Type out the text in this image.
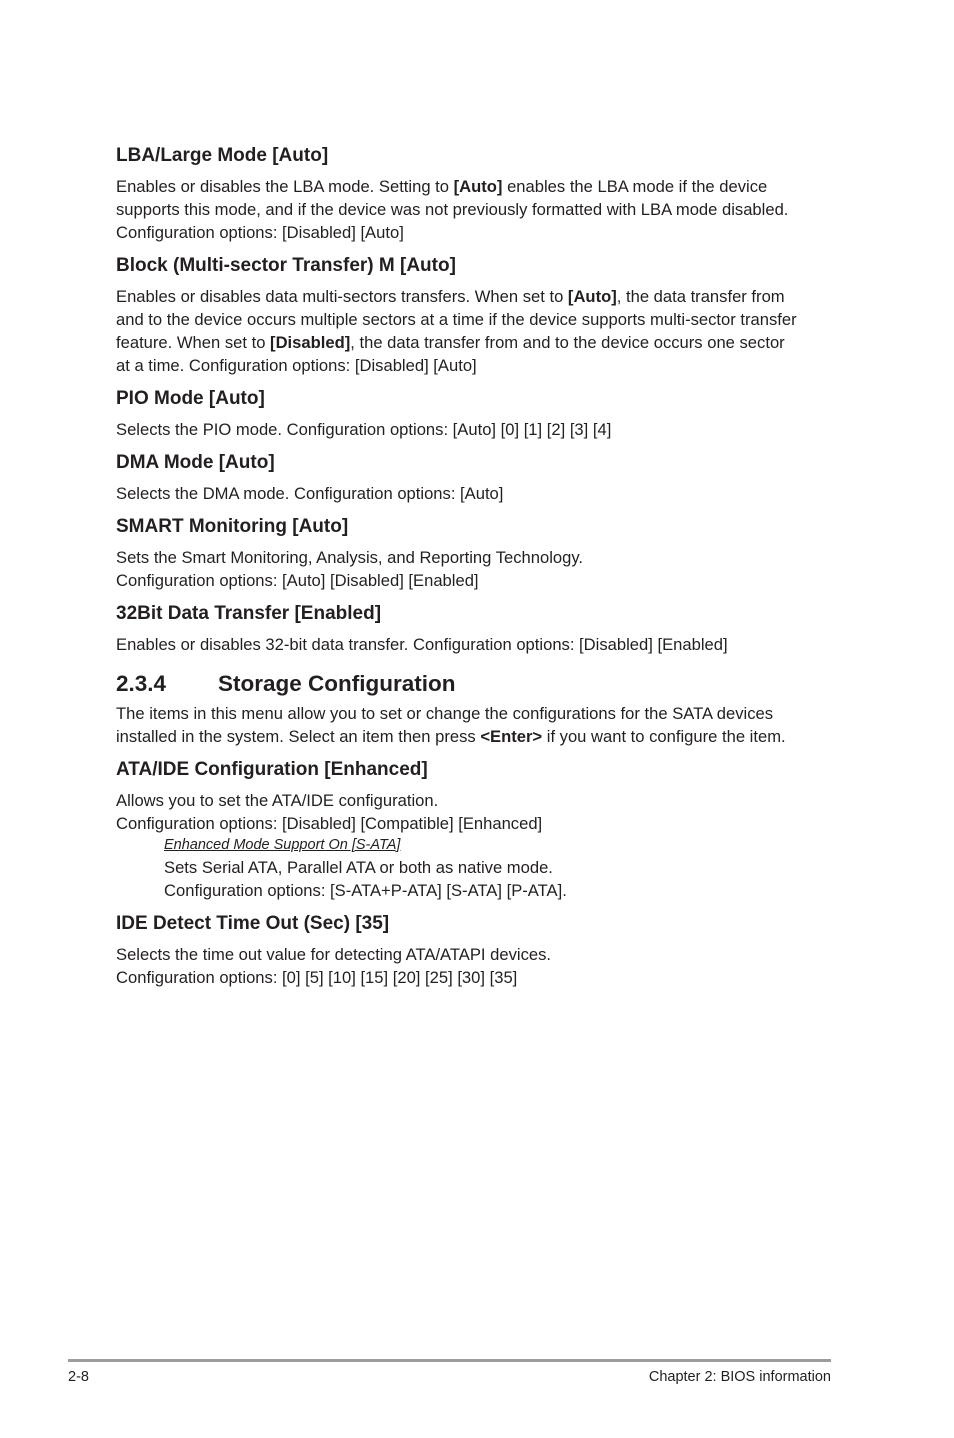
LBA/Large Mode [Auto]
Enables or disables the LBA mode. Setting to [Auto] enables the LBA mode if the device
supports this mode, and if the device was not previously formatted with LBA mode disabled.
Configuration options: [Disabled] [Auto]
Block (Multi-sector Transfer) M [Auto]
Enables or disables data multi-sectors transfers. When set to [Auto], the data transfer from
and to the device occurs multiple sectors at a time if the device supports multi-sector transfer
feature. When set to [Disabled], the data transfer from and to the device occurs one sector
at a time. Configuration options: [Disabled] [Auto]
PIO Mode [Auto]
Selects the PIO mode. Configuration options: [Auto] [0] [1] [2] [3] [4]
DMA Mode [Auto]
Selects the DMA mode. Configuration options: [Auto]
SMART Monitoring [Auto]
Sets the Smart Monitoring, Analysis, and Reporting Technology.
Configuration options: [Auto] [Disabled] [Enabled]
32Bit Data Transfer [Enabled]
Enables or disables 32-bit data transfer. Configuration options: [Disabled] [Enabled]
2.3.4	Storage Configuration
The items in this menu allow you to set or change the configurations for the SATA devices
installed in the system. Select an item then press <Enter> if you want to configure the item.
ATA/IDE Configuration [Enhanced]
Allows you to set the ATA/IDE configuration.
Configuration options: [Disabled] [Compatible] [Enhanced]
Enhanced Mode Support On [S-ATA]
Sets Serial ATA, Parallel ATA or both as native mode.
Configuration options: [S-ATA+P-ATA] [S-ATA] [P-ATA].
IDE Detect Time Out (Sec) [35]
Selects the time out value for detecting ATA/ATAPI devices.
Configuration options: [0] [5] [10] [15] [20] [25] [30] [35]
2-8	Chapter 2: BIOS information
